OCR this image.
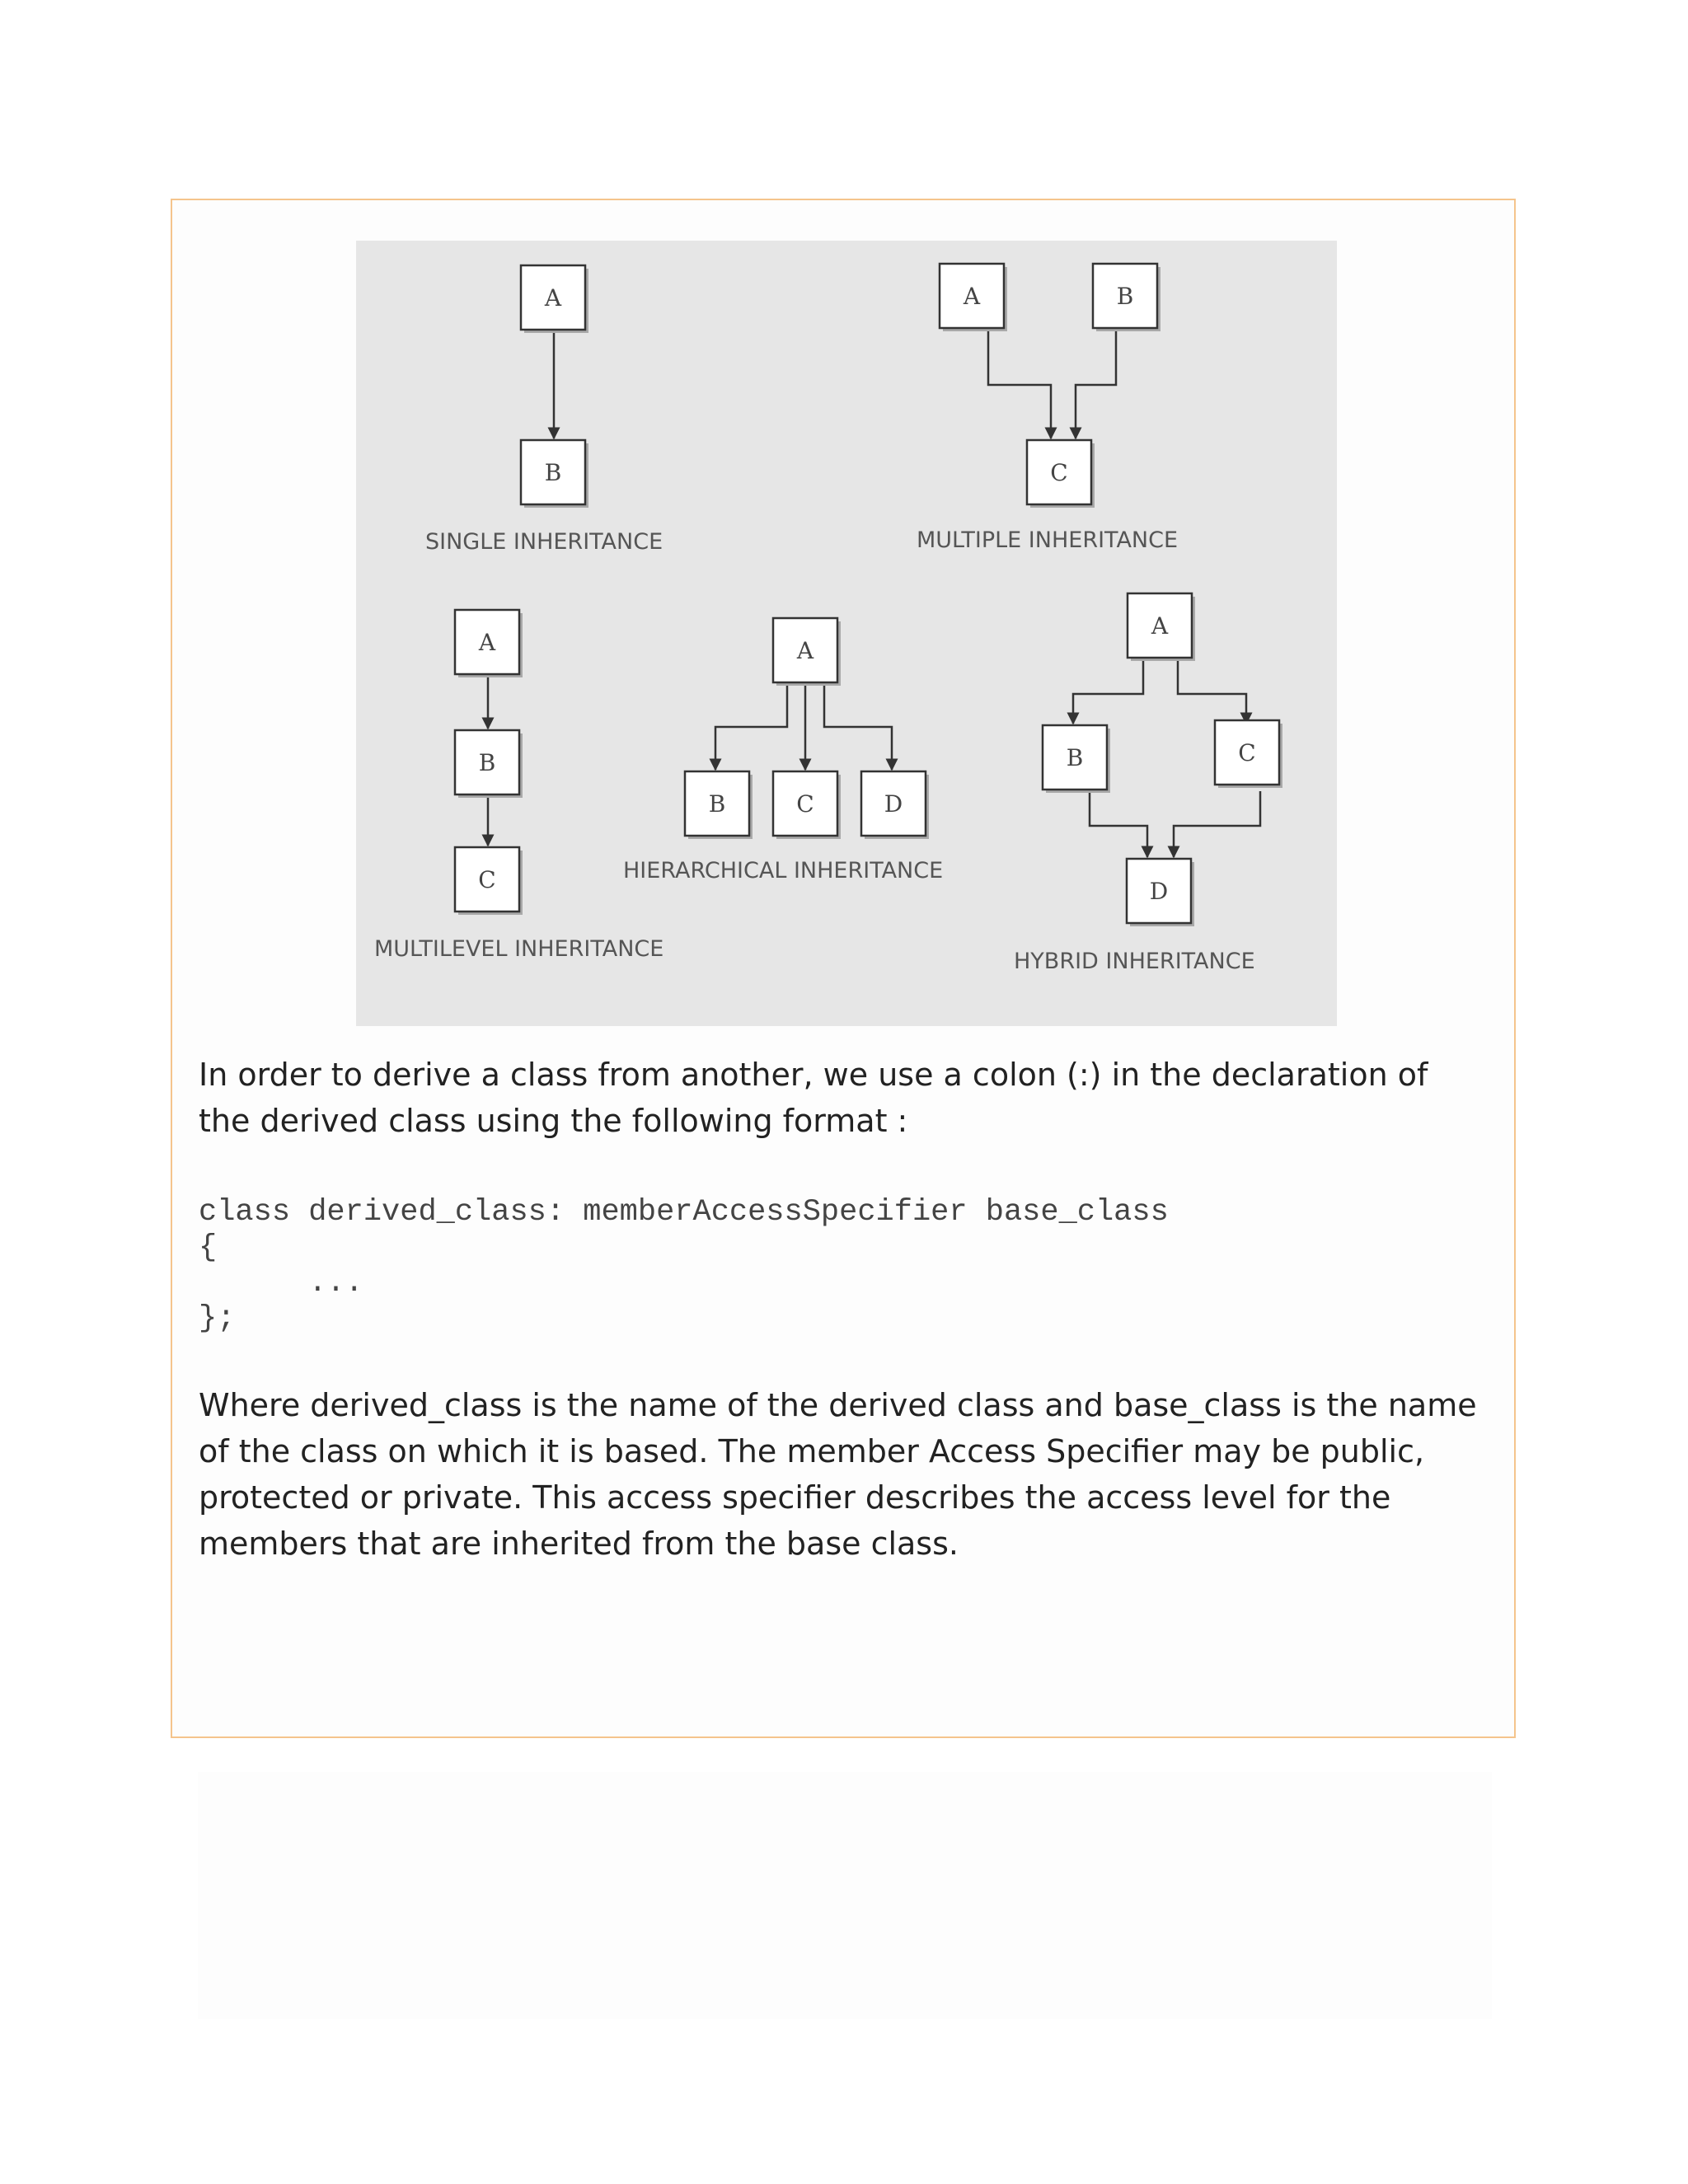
A
B
SINGLE INHERITANCE
A	B
C
MULTIPLE INHERITANCE
A
B
C
MULTILEVEL INHERITANCE
A
B	C	D
HIERARCHICAL INHERITANCE
A
B	C
D
HYBRID INHERITANCE

In order to derive a class from another, we use a colon (:) in the declaration of the derived class using the following format :

class derived_class: memberAccessSpecifier base_class
{
...
};

Where derived_class is the name of the derived class and base_class is the name of the class on which it is based. The member Access Specifier may be public, protected or private. This access specifier describes the access level for the members that are inherited from the base class.
